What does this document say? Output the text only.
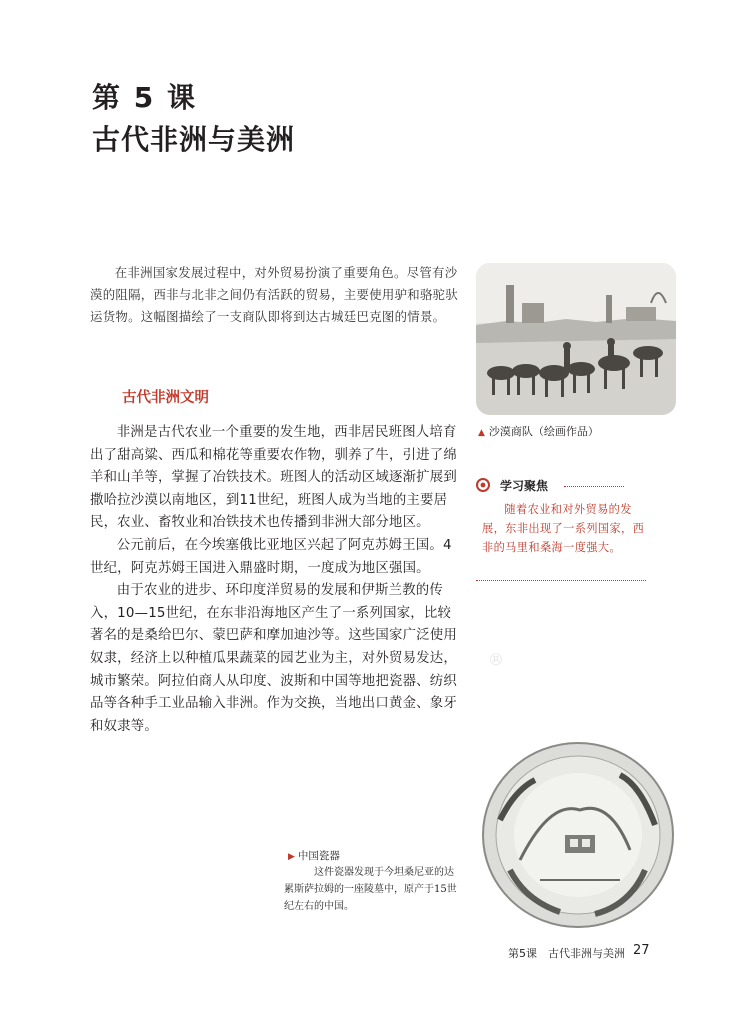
第 5 课
古代非洲与美洲

在非洲国家发展过程中，对外贸易扮演了重要角色。尽管有沙漠的阻隔，西非与北非之间仍有活跃的贸易，主要使用驴和骆驼驮运货物。这幅图描绘了一支商队即将到达古城廷巴克图的情景。

古代非洲文明

非洲是古代农业一个重要的发生地，西非居民班图人培育出了甜高粱、西瓜和棉花等重要农作物，驯养了牛，引进了绵羊和山羊等，掌握了冶铁技术。班图人的活动区域逐渐扩展到撒哈拉沙漠以南地区，到11世纪，班图人成为当地的主要居民，农业、畜牧业和冶铁技术也传播到非洲大部分地区。

公元前后，在今埃塞俄比亚地区兴起了阿克苏姆王国。4世纪，阿克苏姆王国进入鼎盛时期，一度成为地区强国。

由于农业的进步、环印度洋贸易的发展和伊斯兰教的传入，10—15世纪，在东非沿海地区产生了一系列国家，比较著名的是桑给巴尔、蒙巴萨和摩加迪沙等。这些国家广泛使用奴隶，经济上以种植瓜果蔬菜的园艺业为主，对外贸易发达，城市繁荣。阿拉伯商人从印度、波斯和中国等地把瓷器、纺织品等各种手工业品输入非洲。作为交换，当地出口黄金、象牙和奴隶等。

▲ 沙漠商队（绘画作品）
学习聚焦

随着农业和对外贸易的发展，东非出现了一系列国家，西非的马里和桑海一度强大。

®
▶ 中国瓷器

这件瓷器发现于今坦桑尼亚的达累斯萨拉姆的一座陵墓中，原产于15世纪左右的中国。

第5课　古代非洲与美洲 27
